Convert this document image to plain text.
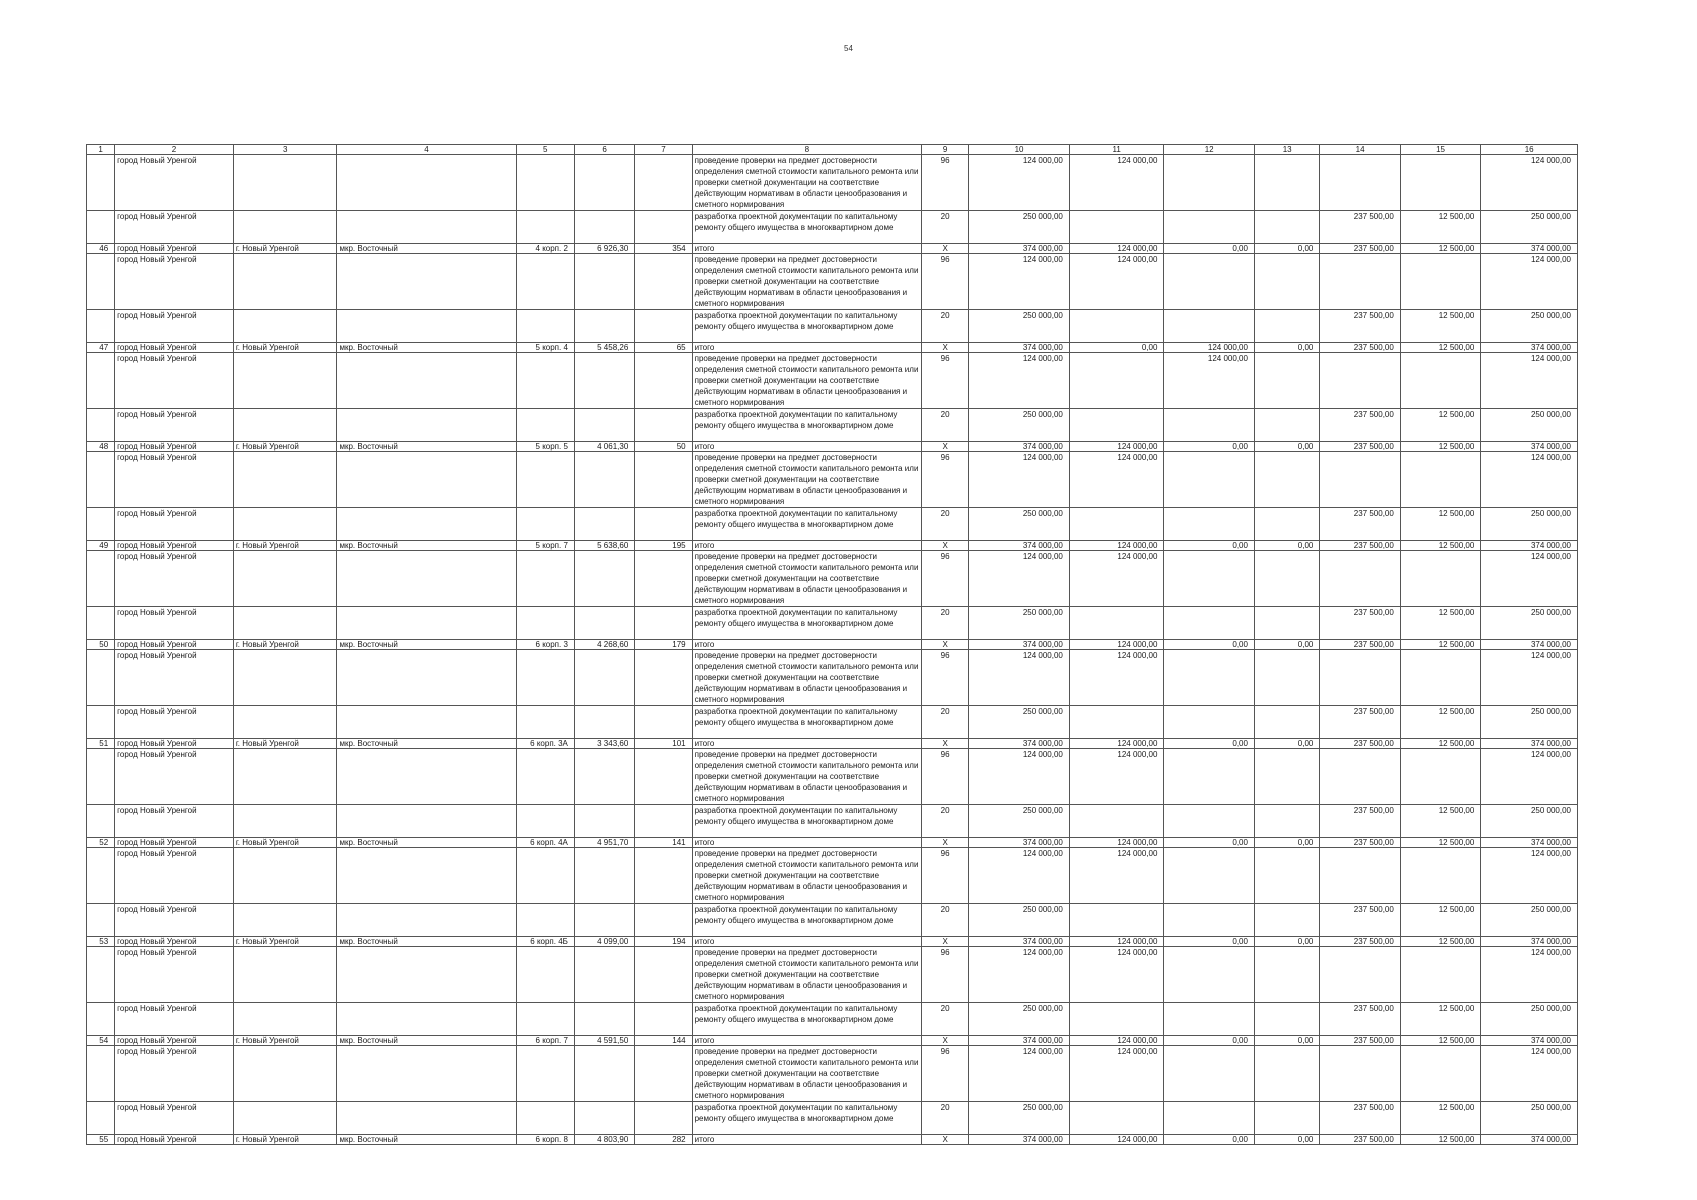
54
1	2	3	4	5	6	7	8	9	10	11	12	13	14	15	16
	город Новый Уренгой						проведение проверки на предмет достоверности определения сметной стоимости капитального ремонта или проверки сметной документации на соответствие действующим нормативам в области ценообразования и сметного нормирования	96	124 000,00	124 000,00					124 000,00
	город Новый Уренгой						разработка проектной документации по капитальному ремонту общего имущества в многоквартирном доме	20	250 000,00				237 500,00	12 500,00	250 000,00
46	город Новый Уренгой	г. Новый Уренгой	мкр. Восточный	4 корп. 2	6 926,30	354	итого	X	374 000,00	124 000,00	0,00	0,00	237 500,00	12 500,00	374 000,00
	город Новый Уренгой						проведение проверки на предмет достоверности определения сметной стоимости капитального ремонта или проверки сметной документации на соответствие действующим нормативам в области ценообразования и сметного нормирования	96	124 000,00	124 000,00					124 000,00
	город Новый Уренгой						разработка проектной документации по капитальному ремонту общего имущества в многоквартирном доме	20	250 000,00				237 500,00	12 500,00	250 000,00
47	город Новый Уренгой	г. Новый Уренгой	мкр. Восточный	5 корп. 4	5 458,26	65	итого	X	374 000,00	0,00	124 000,00	0,00	237 500,00	12 500,00	374 000,00
	город Новый Уренгой						проведение проверки на предмет достоверности определения сметной стоимости капитального ремонта или проверки сметной документации на соответствие действующим нормативам в области ценообразования и сметного нормирования	96	124 000,00		124 000,00				124 000,00
	город Новый Уренгой						разработка проектной документации по капитальному ремонту общего имущества в многоквартирном доме	20	250 000,00				237 500,00	12 500,00	250 000,00
48	город Новый Уренгой	г. Новый Уренгой	мкр. Восточный	5 корп. 5	4 061,30	50	итого	X	374 000,00	124 000,00	0,00	0,00	237 500,00	12 500,00	374 000,00
	город Новый Уренгой						проведение проверки на предмет достоверности определения сметной стоимости капитального ремонта или проверки сметной документации на соответствие действующим нормативам в области ценообразования и сметного нормирования	96	124 000,00	124 000,00					124 000,00
	город Новый Уренгой						разработка проектной документации по капитальному ремонту общего имущества в многоквартирном доме	20	250 000,00				237 500,00	12 500,00	250 000,00
49	город Новый Уренгой	г. Новый Уренгой	мкр. Восточный	5 корп. 7	5 638,60	195	итого	X	374 000,00	124 000,00	0,00	0,00	237 500,00	12 500,00	374 000,00
	город Новый Уренгой						проведение проверки на предмет достоверности определения сметной стоимости капитального ремонта или проверки сметной документации на соответствие действующим нормативам в области ценообразования и сметного нормирования	96	124 000,00	124 000,00					124 000,00
	город Новый Уренгой						разработка проектной документации по капитальному ремонту общего имущества в многоквартирном доме	20	250 000,00				237 500,00	12 500,00	250 000,00
50	город Новый Уренгой	г. Новый Уренгой	мкр. Восточный	6 корп. 3	4 268,60	179	итого	X	374 000,00	124 000,00	0,00	0,00	237 500,00	12 500,00	374 000,00
	город Новый Уренгой						проведение проверки на предмет достоверности определения сметной стоимости капитального ремонта или проверки сметной документации на соответствие действующим нормативам в области ценообразования и сметного нормирования	96	124 000,00	124 000,00					124 000,00
	город Новый Уренгой						разработка проектной документации по капитальному ремонту общего имущества в многоквартирном доме	20	250 000,00				237 500,00	12 500,00	250 000,00
51	город Новый Уренгой	г. Новый Уренгой	мкр. Восточный	6 корп. 3А	3 343,60	101	итого	X	374 000,00	124 000,00	0,00	0,00	237 500,00	12 500,00	374 000,00
	город Новый Уренгой						проведение проверки на предмет достоверности определения сметной стоимости капитального ремонта или проверки сметной документации на соответствие действующим нормативам в области ценообразования и сметного нормирования	96	124 000,00	124 000,00					124 000,00
	город Новый Уренгой						разработка проектной документации по капитальному ремонту общего имущества в многоквартирном доме	20	250 000,00				237 500,00	12 500,00	250 000,00
52	город Новый Уренгой	г. Новый Уренгой	мкр. Восточный	6 корп. 4А	4 951,70	141	итого	X	374 000,00	124 000,00	0,00	0,00	237 500,00	12 500,00	374 000,00
	город Новый Уренгой						проведение проверки на предмет достоверности определения сметной стоимости капитального ремонта или проверки сметной документации на соответствие действующим нормативам в области ценообразования и сметного нормирования	96	124 000,00	124 000,00					124 000,00
	город Новый Уренгой						разработка проектной документации по капитальному ремонту общего имущества в многоквартирном доме	20	250 000,00				237 500,00	12 500,00	250 000,00
53	город Новый Уренгой	г. Новый Уренгой	мкр. Восточный	6 корп. 4Б	4 099,00	194	итого	X	374 000,00	124 000,00	0,00	0,00	237 500,00	12 500,00	374 000,00
	город Новый Уренгой						проведение проверки на предмет достоверности определения сметной стоимости капитального ремонта или проверки сметной документации на соответствие действующим нормативам в области ценообразования и сметного нормирования	96	124 000,00	124 000,00					124 000,00
	город Новый Уренгой						разработка проектной документации по капитальному ремонту общего имущества в многоквартирном доме	20	250 000,00				237 500,00	12 500,00	250 000,00
54	город Новый Уренгой	г. Новый Уренгой	мкр. Восточный	6 корп. 7	4 591,50	144	итого	X	374 000,00	124 000,00	0,00	0,00	237 500,00	12 500,00	374 000,00
	город Новый Уренгой						проведение проверки на предмет достоверности определения сметной стоимости капитального ремонта или проверки сметной документации на соответствие действующим нормативам в области ценообразования и сметного нормирования	96	124 000,00	124 000,00					124 000,00
	город Новый Уренгой						разработка проектной документации по капитальному ремонту общего имущества в многоквартирном доме	20	250 000,00				237 500,00	12 500,00	250 000,00
55	город Новый Уренгой	г. Новый Уренгой	мкр. Восточный	6 корп. 8	4 803,90	282	итого	X	374 000,00	124 000,00	0,00	0,00	237 500,00	12 500,00	374 000,00
